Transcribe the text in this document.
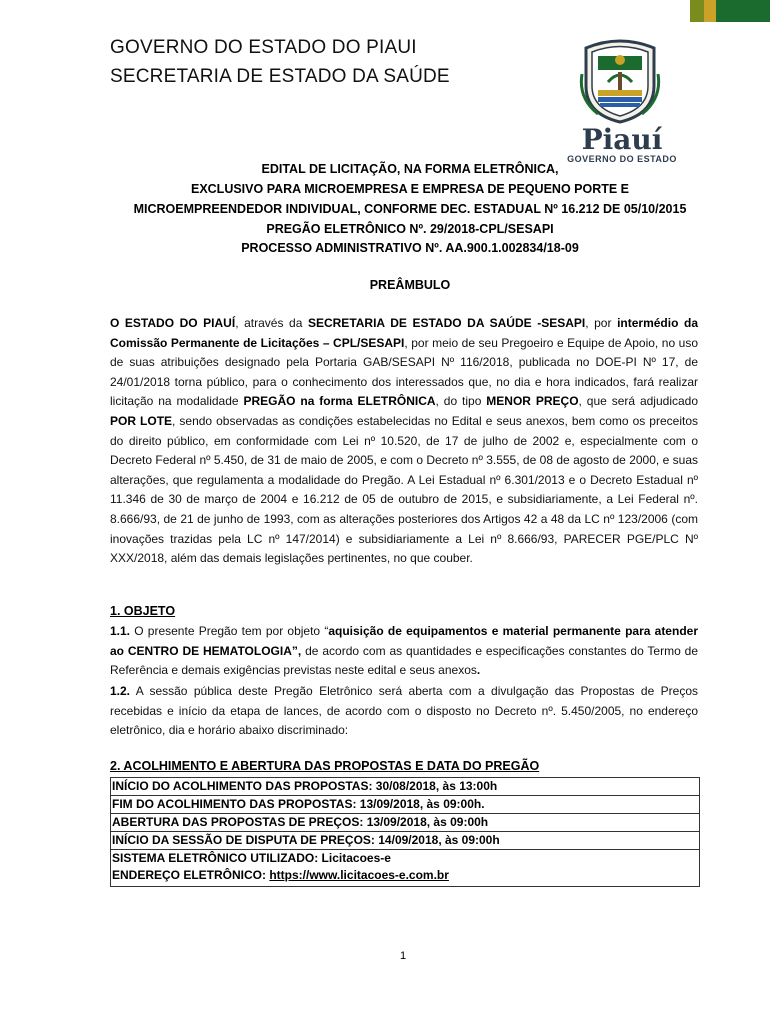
GOVERNO DO ESTADO DO PIAUI
SECRETARIA DE ESTADO DA SAÚDE
Piauí
GOVERNO DO ESTADO
EDITAL DE LICITAÇÃO, NA FORMA ELETRÔNICA,
EXCLUSIVO PARA MICROEMPRESA E EMPRESA DE PEQUENO PORTE E
MICROEMPREENDEDOR INDIVIDUAL, CONFORME DEC. ESTADUAL Nº 16.212 DE 05/10/2015
PREGÃO ELETRÔNICO Nº. 29/2018-CPL/SESAPI
PROCESSO ADMINISTRATIVO Nº. AA.900.1.002834/18-09
PREÂMBULO

O ESTADO DO PIAUÍ, através da SECRETARIA DE ESTADO DA SAÚDE -SESAPI, por intermédio da Comissão Permanente de Licitações – CPL/SESAPI, por meio de seu Pregoeiro e Equipe de Apoio, no uso de suas atribuições designado pela Portaria GAB/SESAPI Nº 116/2018, publicada no DOE-PI Nº 17, de 24/01/2018 torna público, para o conhecimento dos interessados que, no dia e hora indicados, fará realizar licitação na modalidade PREGÃO na forma ELETRÔNICA, do tipo MENOR PREÇO, que será adjudicado POR LOTE, sendo observadas as condições estabelecidas no Edital e seus anexos, bem como os preceitos do direito público, em conformidade com Lei nº 10.520, de 17 de julho de 2002 e, especialmente com o Decreto Federal nº 5.450, de 31 de maio de 2005, e com o Decreto nº 3.555, de 08 de agosto de 2000, e suas alterações, que regulamenta a modalidade do Pregão. A Lei Estadual nº 6.301/2013 e o Decreto Estadual nº 11.346 de 30 de março de 2004 e 16.212 de 05 de outubro de 2015, e subsidiariamente, a Lei Federal nº. 8.666/93, de 21 de junho de 1993, com as alterações posteriores dos Artigos 42 a 48 da LC nº 123/2006 (com inovações trazidas pela LC nº 147/2014) e subsidiariamente a Lei nº 8.666/93, PARECER PGE/PLC Nº XXX/2018, além das demais legislações pertinentes, no que couber.

1. OBJETO

1.1. O presente Pregão tem por objeto “aquisição de equipamentos e material permanente para atender ao CENTRO DE HEMATOLOGIA”, de acordo com as quantidades e especificações constantes do Termo de Referência e demais exigências previstas neste edital e seus anexos.

1.2. A sessão pública deste Pregão Eletrônico será aberta com a divulgação das Propostas de Preços recebidas e início da etapa de lances, de acordo com o disposto no Decreto nº. 5.450/2005, no endereço eletrônico, dia e horário abaixo discriminado:

2. ACOLHIMENTO E ABERTURA DAS PROPOSTAS E DATA DO PREGÃO
INÍCIO DO ACOLHIMENTO DAS PROPOSTAS: 30/08/2018, às 13:00h
FIM DO ACOLHIMENTO DAS PROPOSTAS: 13/09/2018, às 09:00h.
ABERTURA DAS PROPOSTAS DE PREÇOS: 13/09/2018, às 09:00h
INÍCIO DA SESSÃO DE DISPUTA DE PREÇOS: 14/09/2018, às 09:00h
SISTEMA ELETRÔNICO UTILIZADO: Licitacoes-e
ENDEREÇO ELETRÔNICO: https://www.licitacoes-e.com.br
1
